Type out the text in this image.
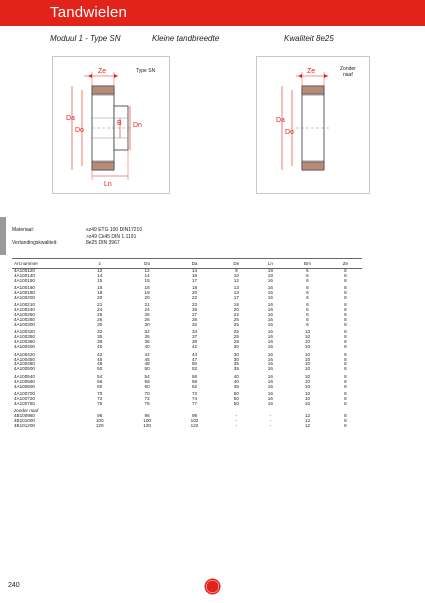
Tandwielen
Moduul 1 - Type SN	Kleine tandbreedte	Kwaliteit 8e25
Ze	Type SN
Da
Do
B Dn
Ln
Ze	Zonder
naaf
Da
Do
Materiaal:	≤z49 ETG 100 DIN17210
>z49 Ck45 DIN 1.1191
Vertandingskwaliteit:	8e25 DIN 3967
Art.nummer	z	Do	Da	Dn	Ln	Bm	Ze
4A100120	12	12	14	9	18	5	8
4A100140	14	14	16	10	18	5	8
4A100150	15	15	17	12	16	6	8

4A100160	16	16	18	13	16	6	8
4A100180	18	18	20	13	16	6	8
4A100200	20	20	22	17	16	6	8

4A100210	21	21	23	18	16	6	8
4A100240	24	24	26	20	16	6	8
4A100250	25	25	27	22	16	6	8
4A100260	26	26	28	25	16	6	8
4A100300	30	30	32	25	16	6	8

4A100320	32	32	34	25	16	10	8
4A100350	35	35	37	25	16	10	8
4A100360	36	36	38	28	16	10	8
4A100400	40	40	42	30	16	10	8

4A100420	42	42	44	30	16	10	8
4A100450	45	45	47	30	16	10	8
4A100480	48	48	50	35	16	10	8
4A100500	50	50	52	35	16	10	8

4A100540	54	54	56	40	16	10	8
4A100560	56	56	58	40	16	10	8
4A100600	60	60	62	35	16	10	8

4A100700	70	70	72	50	16	10	8
4A100720	72	72	74	50	16	10	8
4A100750	75	75	77	50	16	10	8

zonder naaf							
4B100960	96	96	98	-	-	12	8
4B101000	100	100	102	-	-	12	8
4B101200	120	120	122	-	-	12	8
240
